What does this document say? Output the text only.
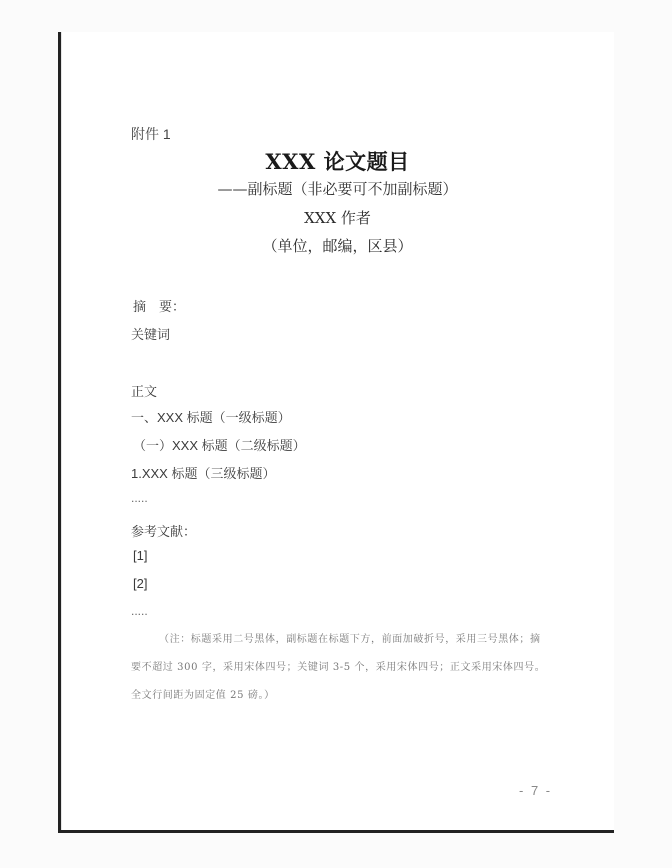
附件 1
XXX 论文题目
——副标题（非必要可不加副标题）
XXX 作者
（单位，邮编，区县）
摘　要：
关键词
正文
一、XXX 标题（一级标题）
（一）XXX 标题（二级标题）
1.XXX 标题（三级标题）
.....
参考文献：
[1]
[2]
.....
（注：标题采用二号黑体，副标题在标题下方，前面加破折号，采用三号黑体；摘
要不超过 300 字，采用宋体四号；关键词 3-5 个，采用宋体四号；正文采用宋体四号。
全文行间距为固定值 25 磅。）
- 7 -
